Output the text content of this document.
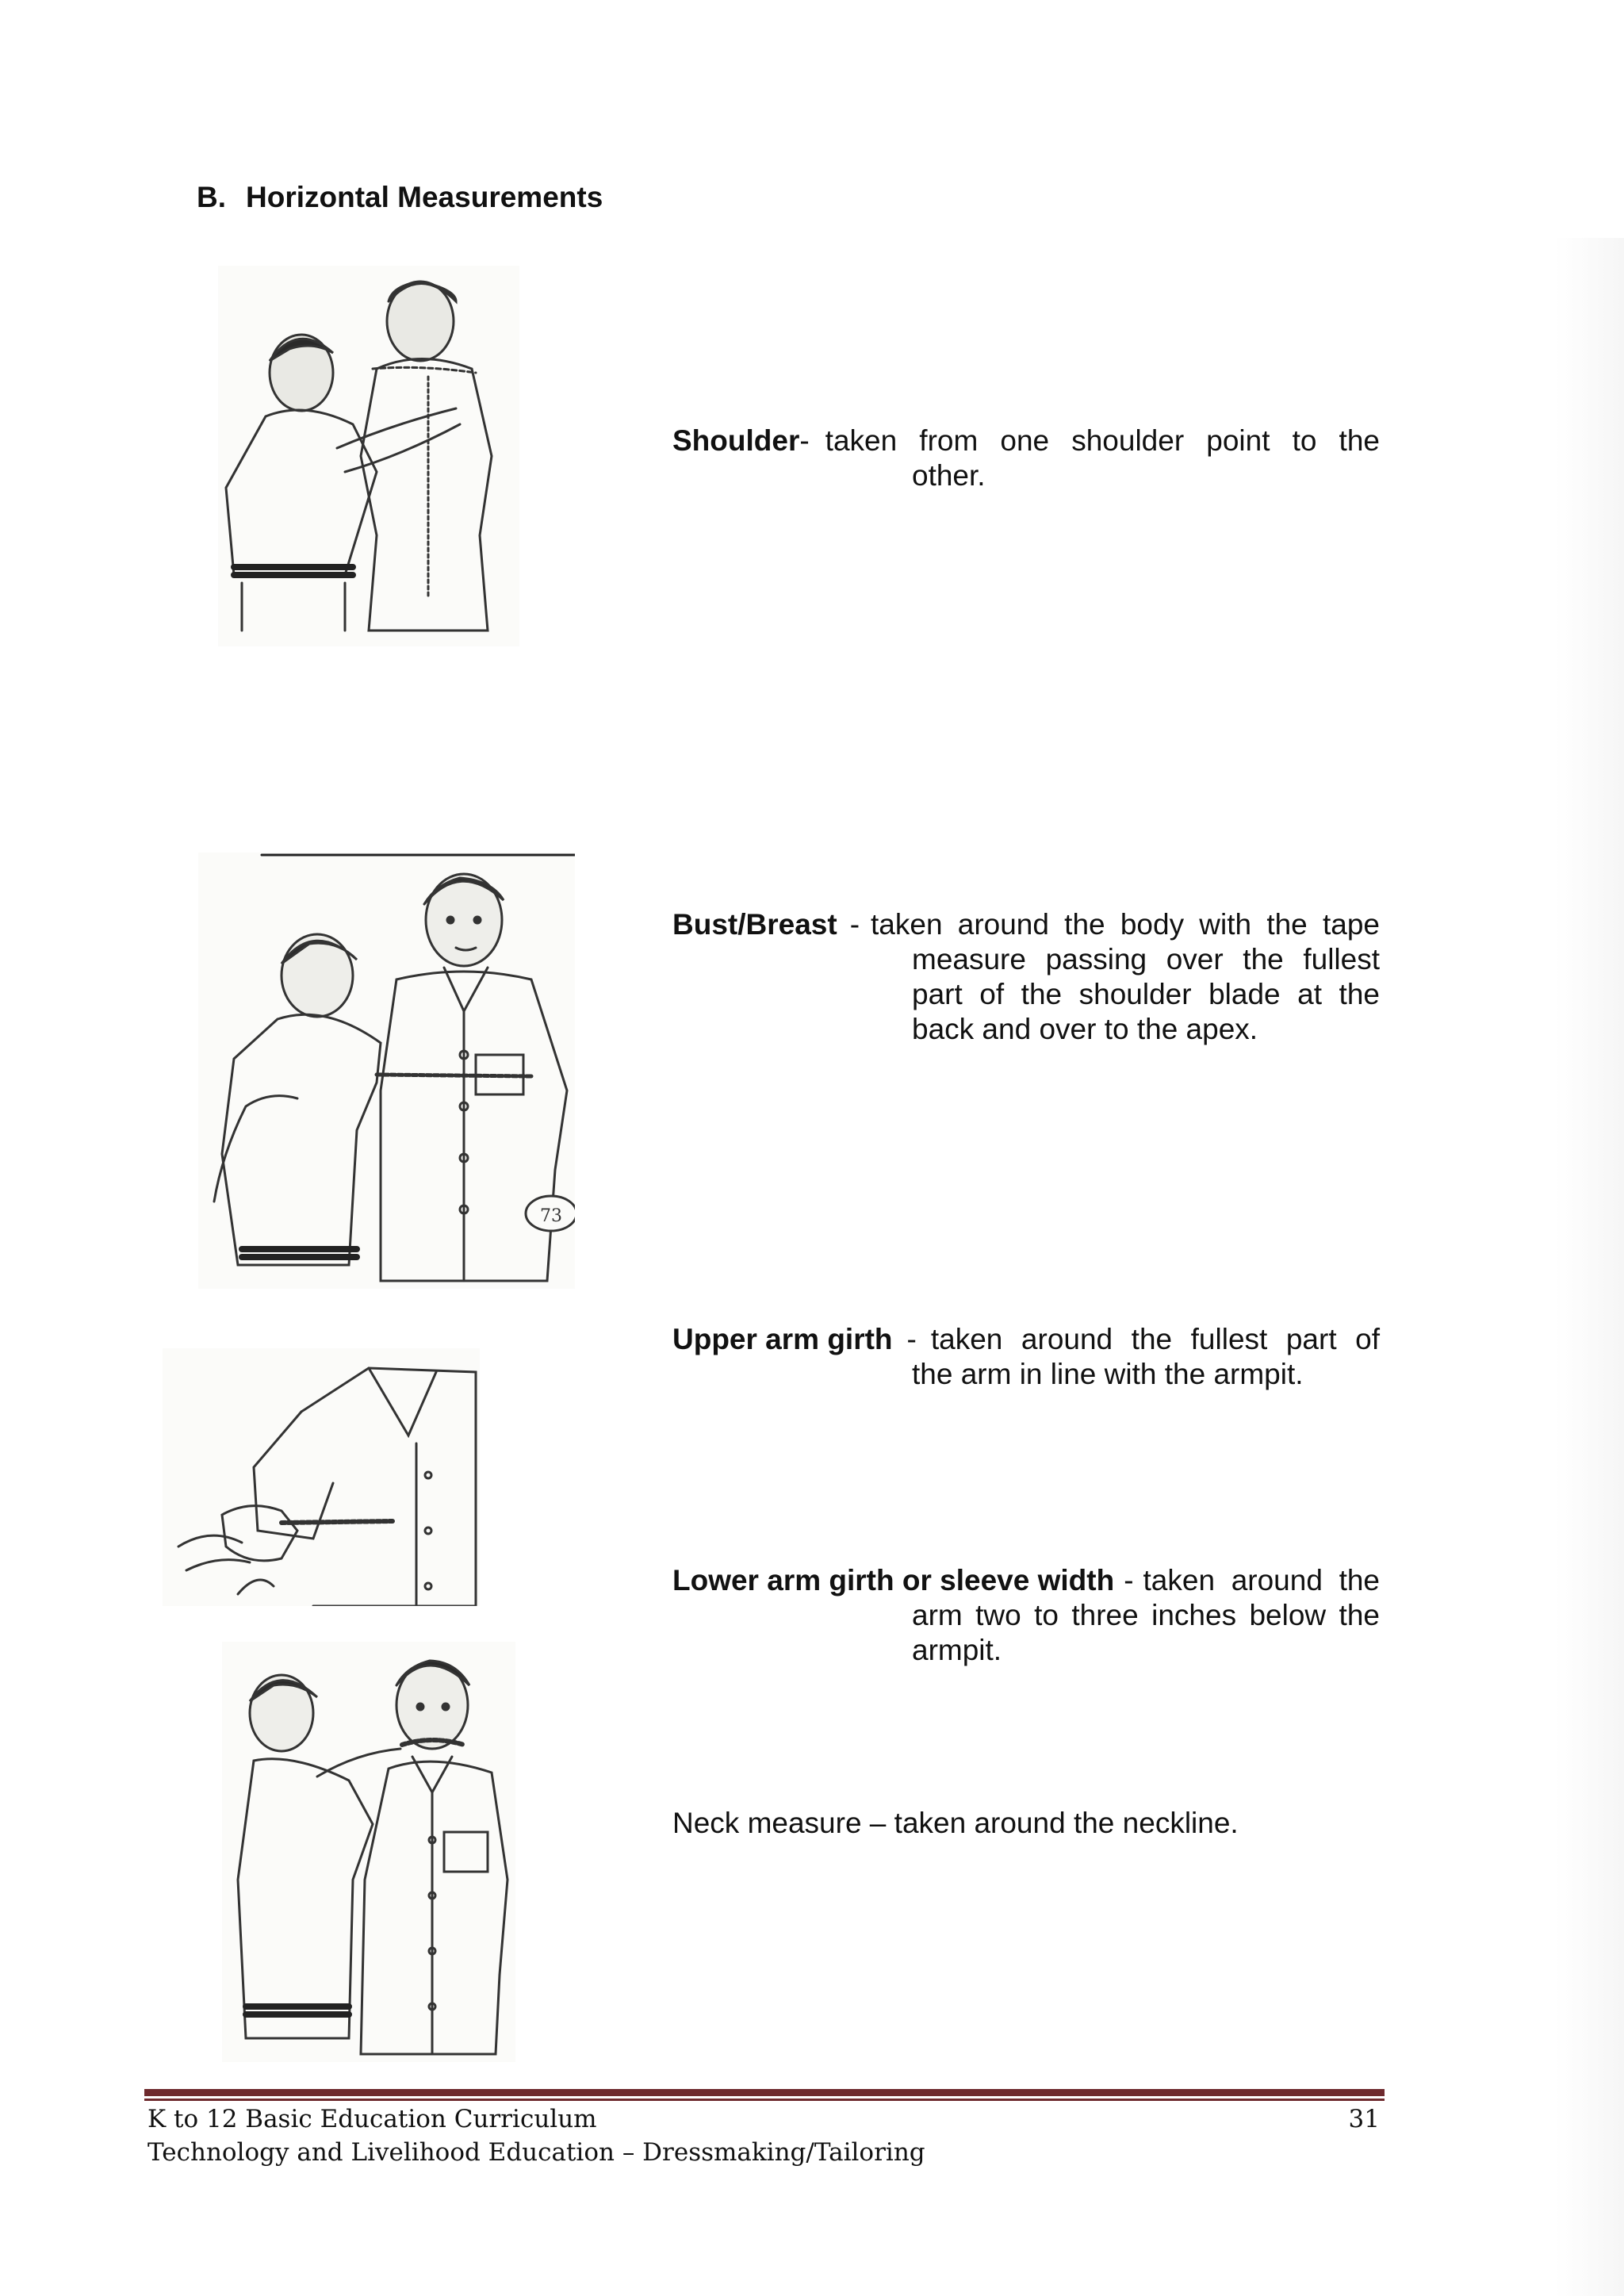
B. Horizontal Measurements
73
Shoulder - taken from one shoulder point to the
other.
Bust/Breast - taken around the body with the tape
measure passing over the fullest
part of the shoulder blade at the
back and over to the apex.
Upper arm girth - taken around the fullest part of
the arm in line with the armpit.
Lower arm girth or sleeve width - taken around the
arm two to three inches below the
armpit.
Neck measure – taken around the neckline.
K to 12 Basic Education Curriculum
Technology and Livelihood Education – Dressmaking/Tailoring
31
